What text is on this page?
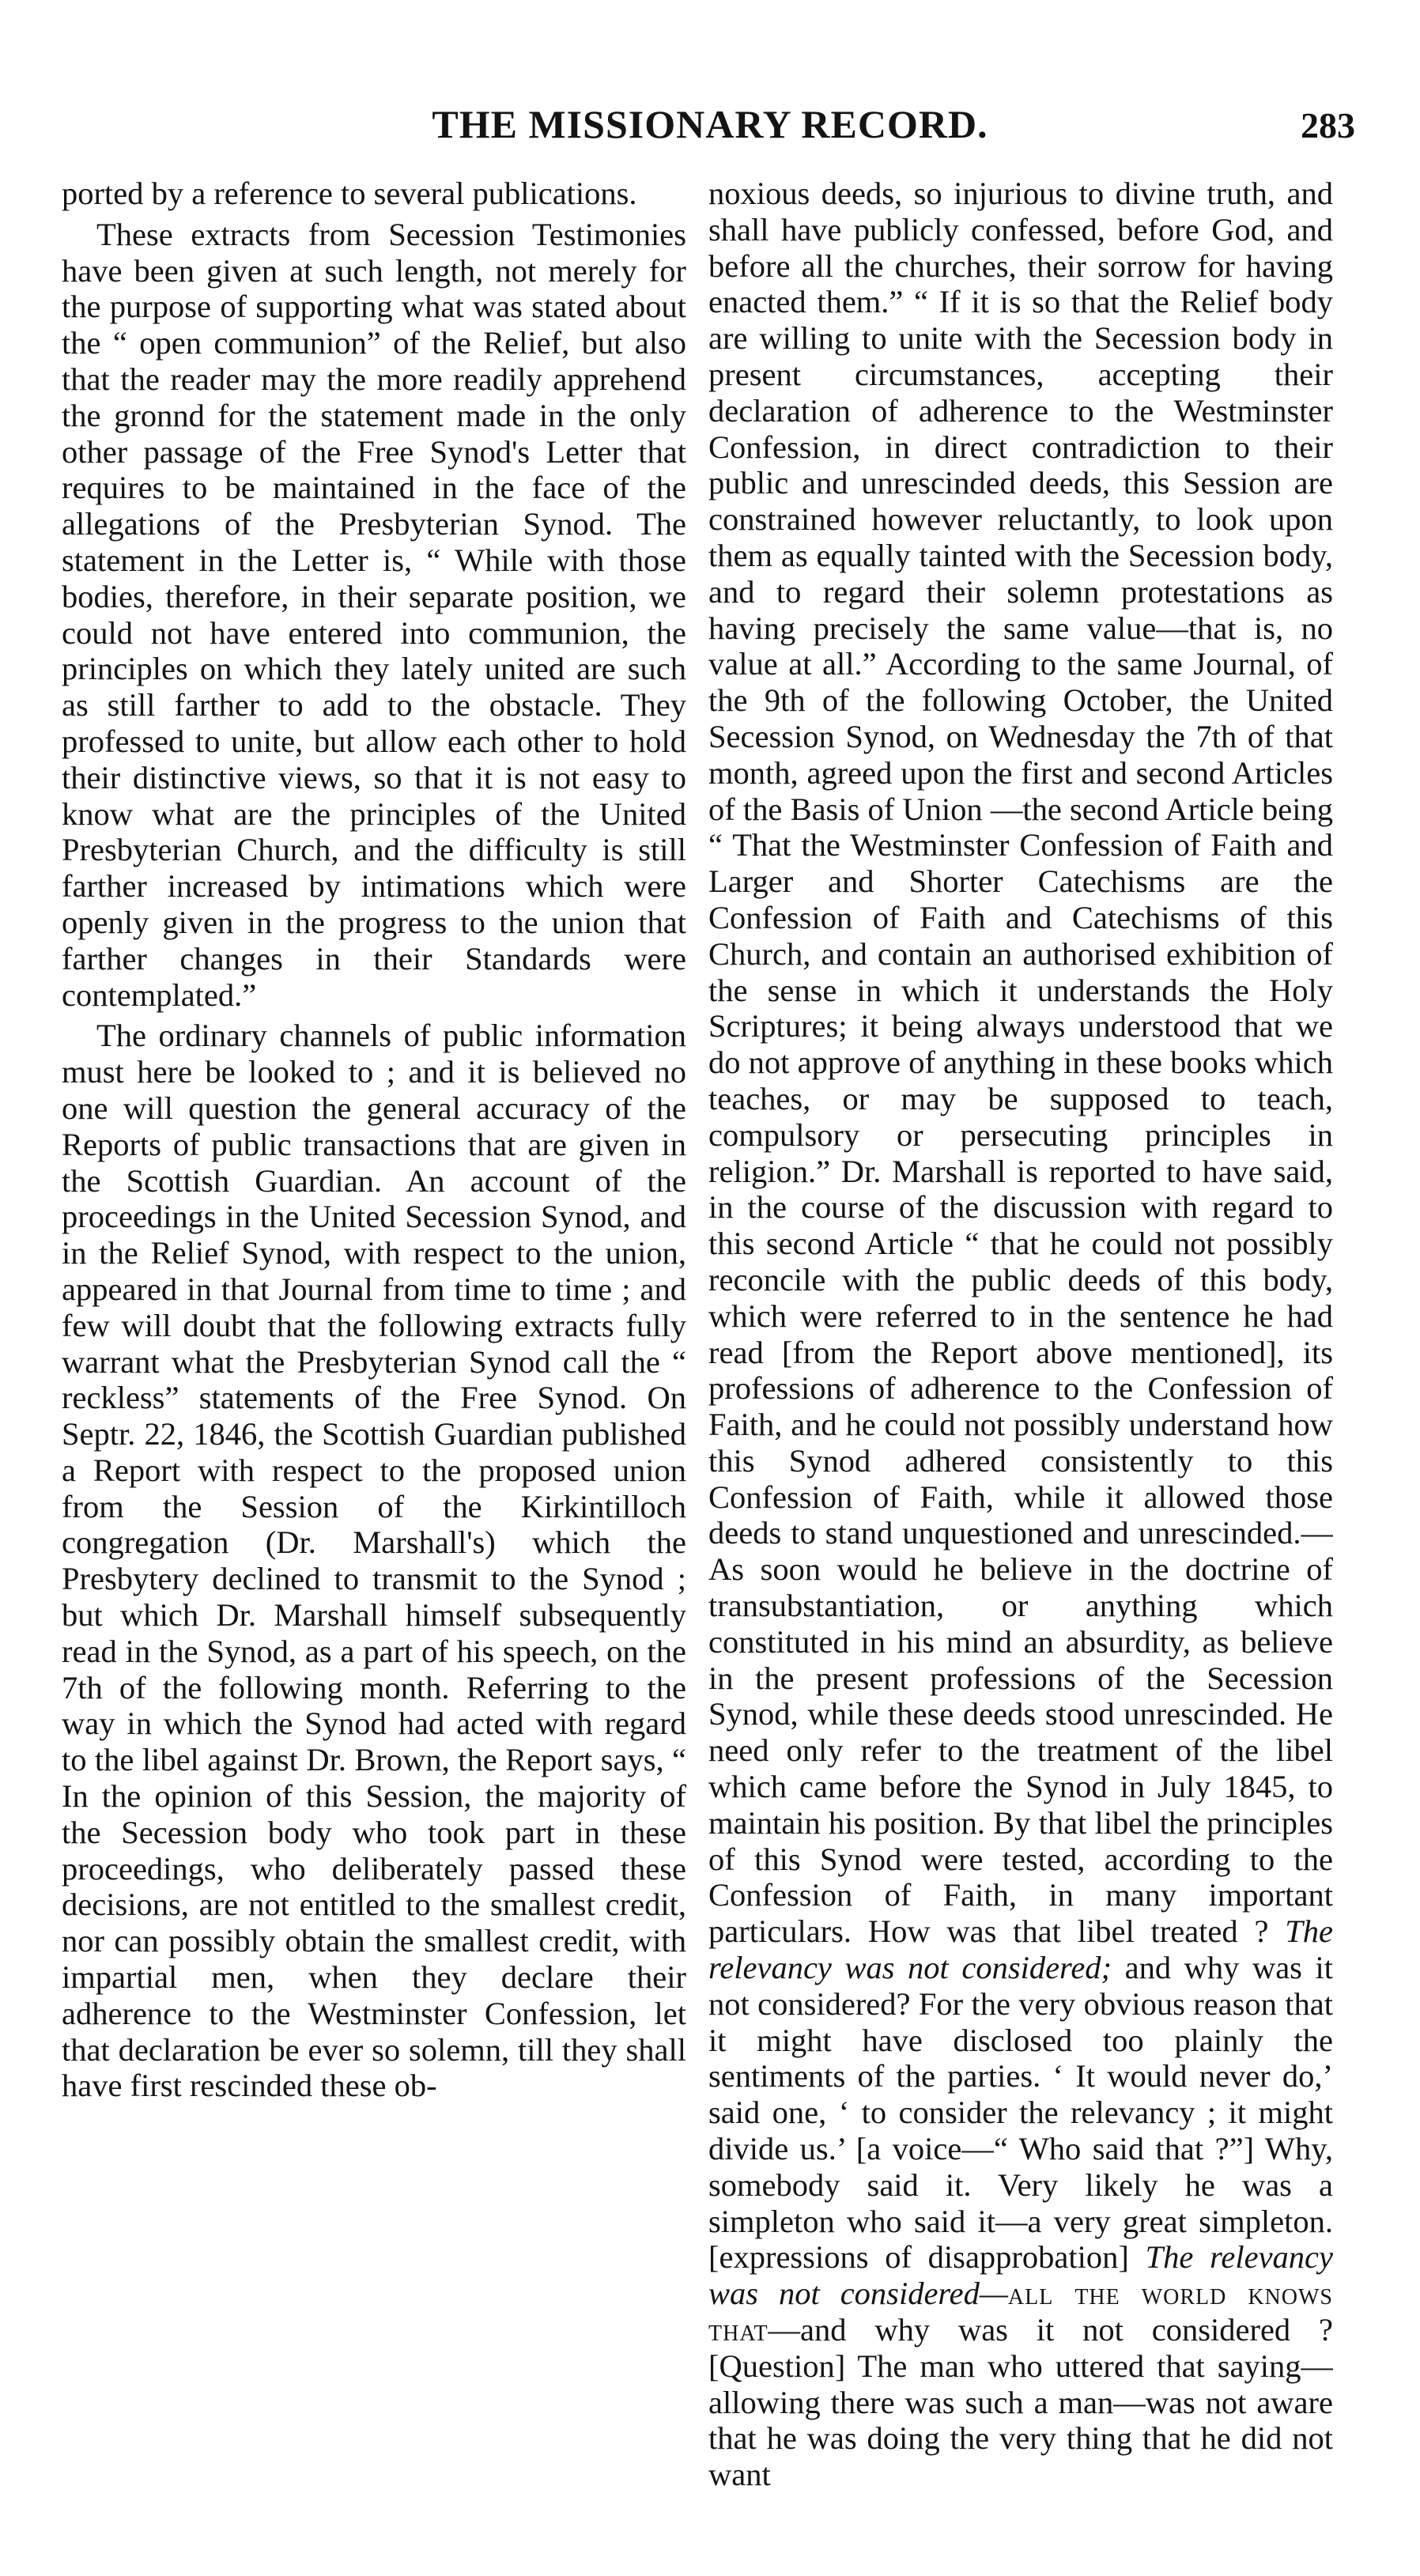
THE MISSIONARY RECORD.	283

ported by a reference to several publications.

These extracts from Secession Testimonies have been given at such length, not merely for the purpose of supporting what was stated about the “ open communion” of the Relief, but also that the reader may the more readily apprehend the gronnd for the statement made in the only other passage of the Free Synod's Letter that requires to be maintained in the face of the allegations of the Presbyterian Synod. The statement in the Letter is, “ While with those bodies, therefore, in their separate position, we could not have entered into communion, the principles on which they lately united are such as still farther to add to the obstacle. They professed to unite, but allow each other to hold their distinctive views, so that it is not easy to know what are the principles of the United Presbyterian Church, and the difficulty is still farther increased by intimations which were openly given in the progress to the union that farther changes in their Standards were contemplated.”

The ordinary channels of public information must here be looked to ; and it is believed no one will question the general accuracy of the Reports of public transactions that are given in the Scottish Guardian. An account of the proceedings in the United Secession Synod, and in the Relief Synod, with respect to the union, appeared in that Journal from time to time ; and few will doubt that the following extracts fully warrant what the Presbyterian Synod call the “ reckless” statements of the Free Synod. On Septr. 22, 1846, the Scottish Guardian published a Report with respect to the proposed union from the Session of the Kirkintilloch congregation (Dr. Marshall's) which the Presbytery declined to transmit to the Synod ; but which Dr. Marshall himself subsequently read in the Synod, as a part of his speech, on the 7th of the following month. Referring to the way in which the Synod had acted with regard to the libel against Dr. Brown, the Report says, “ In the opinion of this Session, the majority of the Secession body who took part in these proceedings, who deliberately passed these decisions, are not entitled to the smallest credit, nor can possibly obtain the smallest credit, with impartial men, when they declare their adherence to the Westminster Confession, let that declaration be ever so solemn, till they shall have first rescinded these ob-

noxious deeds, so injurious to divine truth, and shall have publicly confessed, before God, and before all the churches, their sorrow for having enacted them.” “ If it is so that the Relief body are willing to unite with the Secession body in present circumstances, accepting their declaration of adherence to the Westminster Confession, in direct contradiction to their public and unrescinded deeds, this Session are constrained however reluctantly, to look upon them as equally tainted with the Secession body, and to regard their solemn protestations as having precisely the same value—that is, no value at all.” According to the same Journal, of the 9th of the following October, the United Secession Synod, on Wednesday the 7th of that month, agreed upon the first and second Articles of the Basis of Union —the second Article being “ That the Westminster Confession of Faith and Larger and Shorter Catechisms are the Confession of Faith and Catechisms of this Church, and contain an authorised exhibition of the sense in which it understands the Holy Scriptures; it being always understood that we do not approve of anything in these books which teaches, or may be supposed to teach, compulsory or persecuting principles in religion.” Dr. Marshall is reported to have said, in the course of the discussion with regard to this second Article “ that he could not possibly reconcile with the public deeds of this body, which were referred to in the sentence he had read [from the Report above mentioned], its professions of adherence to the Confession of Faith, and he could not possibly understand how this Synod adhered consistently to this Confession of Faith, while it allowed those deeds to stand unquestioned and unrescinded.— As soon would he believe in the doctrine of transubstantiation, or anything which constituted in his mind an absurdity, as believe in the present professions of the Secession Synod, while these deeds stood unrescinded. He need only refer to the treatment of the libel which came before the Synod in July 1845, to maintain his position. By that libel the principles of this Synod were tested, according to the Confession of Faith, in many important particulars. How was that libel treated ? The relevancy was not considered; and why was it not considered? For the very obvious reason that it might have disclosed too plainly the sentiments of the parties. ‘ It would never do,’ said one, ‘ to consider the relevancy ; it might divide us.’ [a voice—“ Who said that ?”] Why, somebody said it. Very likely he was a simpleton who said it—a very great simpleton. [expressions of disapprobation] The relevancy was not considered—all the world knows that—and why was it not considered ? [Question] The man who uttered that saying—allowing there was such a man—was not aware that he was doing the very thing that he did not want
